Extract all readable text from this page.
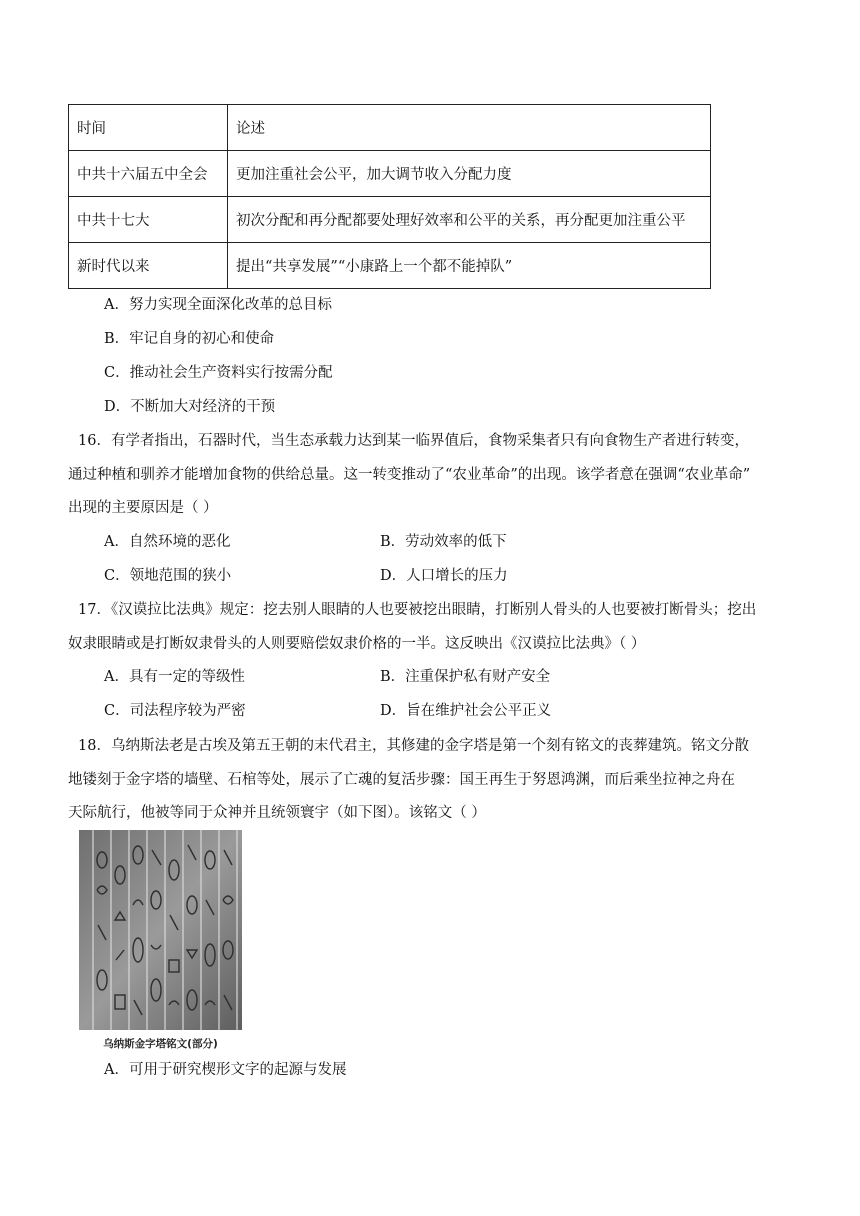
时间	论述
中共十六届五中全会	更加注重社会公平，加大调节收入分配力度
中共十七大	初次分配和再分配都要处理好效率和公平的关系，再分配更加注重公平
新时代以来	提出“共享发展”“小康路上一个都不能掉队”
A．努力实现全面深化改革的总目标
B．牢记自身的初心和使命
C．推动社会生产资料实行按需分配
D．不断加大对经济的干预
16．有学者指出，石器时代，当生态承载力达到某一临界值后，食物采集者只有向食物生产者进行转变，
通过种植和驯养才能增加食物的供给总量。这一转变推动了“农业革命”的出现。该学者意在强调“农业革命”
出现的主要原因是（ ）
A．自然环境的恶化	B．劳动效率的低下
C．领地范围的狭小	D．人口增长的压力
17．《汉谟拉比法典》规定：挖去别人眼睛的人也要被挖出眼睛，打断别人骨头的人也要被打断骨头；挖出
奴隶眼睛或是打断奴隶骨头的人则要赔偿奴隶价格的一半。这反映出《汉谟拉比法典》（ ）
A．具有一定的等级性	B．注重保护私有财产安全
C．司法程序较为严密	D．旨在维护社会公平正义
18．乌纳斯法老是古埃及第五王朝的末代君主，其修建的金字塔是第一个刻有铭文的丧葬建筑。铭文分散
地镂刻于金字塔的墙壁、石棺等处，展示了亡魂的复活步骤：国王再生于努恩鸿渊，而后乘坐拉神之舟在
天际航行，他被等同于众神并且统领寰宇（如下图）。该铭文（ ）
乌纳斯金字塔铭文(部分)
A．可用于研究楔形文字的起源与发展
